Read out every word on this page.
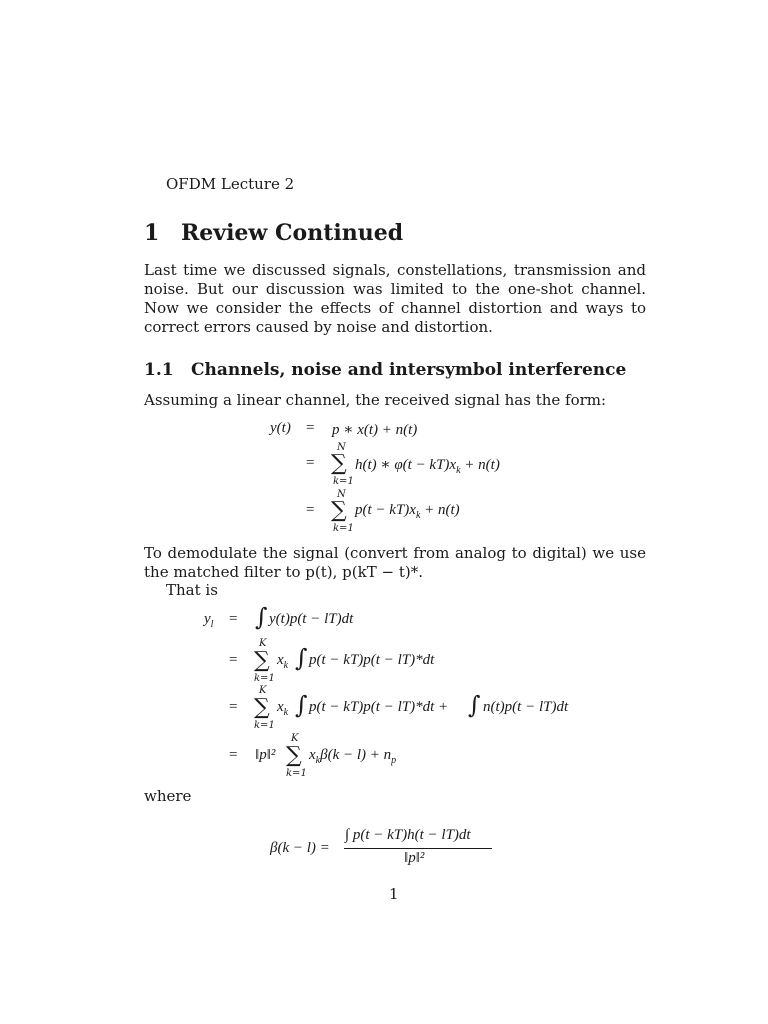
OFDM Lecture 2
1 Review Continued
Last time we discussed signals, constellations, transmission and noise. But our discussion was limited to the one-shot channel. Now we consider the effects of channel distortion and ways to correct errors caused by noise and distortion.
1.1 Channels, noise and intersymbol interference
Assuming a linear channel, the received signal has the form:
y(t) = p ∗ x(t) + n(t)
=
N
∑
k=1
h(t) ∗ $\varphi(t - kT)x_k + n(t)$
=
N
∑
k=1
$p(t - kT)x_k + n(t)$
To demodulate the signal (convert from analog to digital) we use the matched filter to p(t), p(kT − t)*.
That is
$y_l$ = ∫ y(t)p(t − lT)dt
=
K
∑
k=1
$x_k$ ∫ p(t − kT)p(t − lT)*dt
=
K
∑
k=1
$x_k$ ∫ p(t − kT)p(t − lT)*dt + ∫ n(t)p(t − lT)dt
= ‖p‖²
K
∑
k=1
$x_k\beta(k - l) + n_p$
where
β(k − l) =
∫ p(t − kT)h(t − lT)dt
‖p‖²
1
